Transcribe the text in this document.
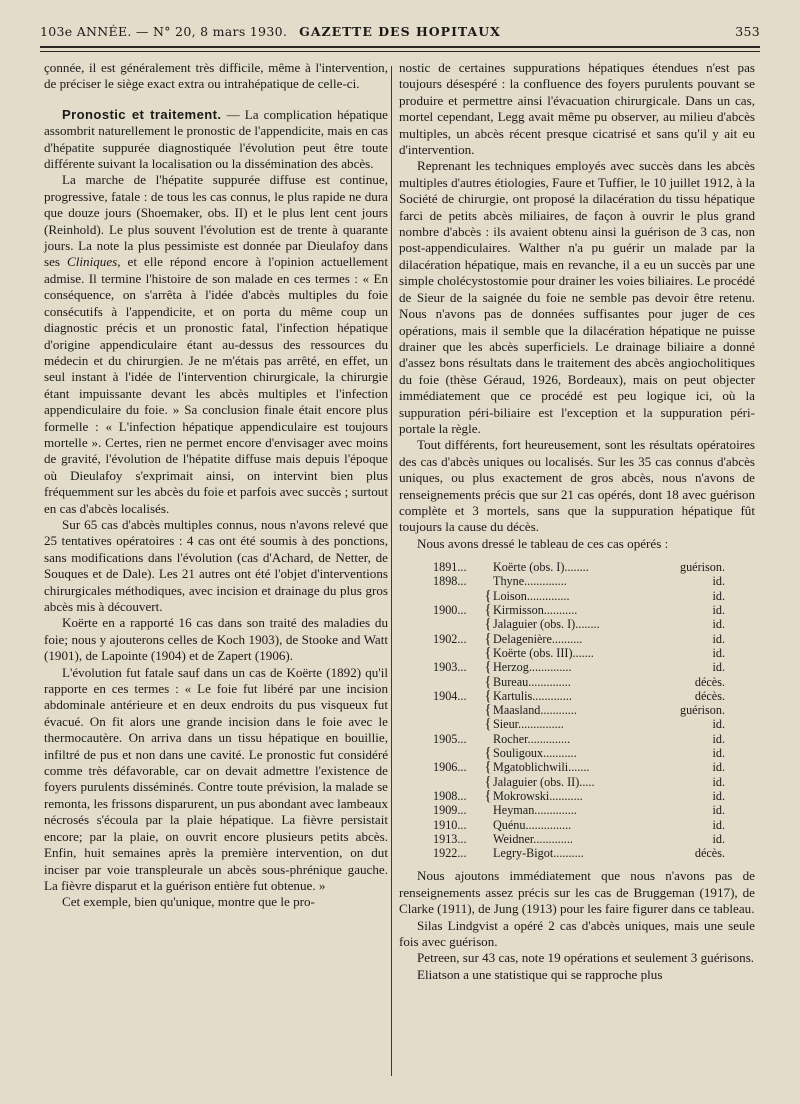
103e ANNÉE. — N° 20, 8 mars 1930. GAZETTE DES HOPITAUX	353

çonnée, il est généralement très difficile, même à l'intervention, de préciser le siège exact extra ou intrahépatique de celle-ci.

Pronostic et traitement. — La complication hépatique assombrit naturellement le pronostic de l'appendicite, mais en cas d'hépatite suppurée diagnostiquée l'évolution peut être toute différente suivant la localisation ou la dissémination des abcès.

La marche de l'hépatite suppurée diffuse est continue, progressive, fatale : de tous les cas connus, le plus rapide ne dura que douze jours (Shoemaker, obs. II) et le plus lent cent jours (Reinhold). Le plus souvent l'évolution est de trente à quarante jours. La note la plus pessimiste est donnée par Dieulafoy dans ses Cliniques, et elle répond encore à l'opinion actuellement admise. Il termine l'histoire de son malade en ces termes : « En conséquence, on s'arrêta à l'idée d'abcès multiples du foie consécutifs à l'appendicite, et on porta du même coup un diagnostic précis et un pronostic fatal, l'infection hépatique d'origine appendiculaire étant au-dessus des ressources du médecin et du chirurgien. Je ne m'étais pas arrêté, en effet, un seul instant à l'idée de l'intervention chirurgicale, la chirurgie étant impuissante devant les abcès multiples et l'infection appendiculaire du foie. » Sa conclusion finale était encore plus formelle : « L'infection hépatique appendiculaire est toujours mortelle ». Certes, rien ne permet encore d'envisager avec moins de gravité, l'évolution de l'hépatite diffuse mais depuis l'époque où Dieulafoy s'exprimait ainsi, on intervint bien plus fréquemment sur les abcès du foie et parfois avec succès ; surtout en cas d'abcès localisés.

Sur 65 cas d'abcès multiples connus, nous n'avons relevé que 25 tentatives opératoires : 4 cas ont été soumis à des ponctions, sans modifications dans l'évolution (cas d'Achard, de Netter, de Souques et de Dale). Les 21 autres ont été l'objet d'interventions chirurgicales méthodiques, avec incision et drainage du plus gros abcès mis à découvert.

Koërte en a rapporté 16 cas dans son traité des maladies du foie; nous y ajouterons celles de Koch 1903), de Stooke and Watt (1901), de Lapointe (1904) et de Zapert (1906).

L'évolution fut fatale sauf dans un cas de Koërte (1892) qu'il rapporte en ces termes : « Le foie fut libéré par une incision abdominale antérieure et en deux endroits du pus visqueux fut évacué. On fit alors une grande incision dans le foie avec le thermocautère. On arriva dans un tissu hépatique en bouillie, infiltré de pus et non dans une cavité. Le pronostic fut considéré comme très défavorable, car on devait admettre l'existence de foyers purulents disséminés. Contre toute prévision, la malade se remonta, les frissons disparurent, un pus abondant avec lambeaux nécrosés s'écoula par la plaie hépatique. La fièvre persistait encore; par la plaie, on ouvrit encore plusieurs petits abcès. Enfin, huit semaines après la première intervention, on dut inciser par voie transpleurale un abcès sous-phrénique gauche. La fièvre disparut et la guérison entière fut obtenue. »

Cet exemple, bien qu'unique, montre que le pro-

nostic de certaines suppurations hépatiques étendues n'est pas toujours désespéré : la confluence des foyers purulents pouvant se produire et permettre ainsi l'évacuation chirurgicale. Dans un cas, mortel cependant, Legg avait même pu observer, au milieu d'abcès multiples, un abcès récent presque cicatrisé et sans qu'il y ait eu d'intervention.

Reprenant les techniques employés avec succès dans les abcès multiples d'autres étiologies, Faure et Tuffier, le 10 juillet 1912, à la Société de chirurgie, ont proposé la dilacération du tissu hépatique farci de petits abcès miliaires, de façon à ouvrir le plus grand nombre d'abcès : ils avaient obtenu ainsi la guérison de 3 cas, non post-appendiculaires. Walther n'a pu guérir un malade par la dilacération hépatique, mais en revanche, il a eu un succès par une simple cholécystostomie pour drainer les voies biliaires. Le procédé de Sieur de la saignée du foie ne semble pas devoir être retenu. Nous n'avons pas de données suffisantes pour juger de ces opérations, mais il semble que la dilacération hépatique ne puisse drainer que les abcès superficiels. Le drainage biliaire a donné d'assez bons résultats dans le traitement des abcès angiocholitiques du foie (thèse Géraud, 1926, Bordeaux), mais on peut objecter immédiatement que ce procédé est peu logique ici, où la suppuration péri-biliaire est l'exception et la suppuration péri-portale la règle.

Tout différents, fort heureusement, sont les résultats opératoires des cas d'abcès uniques ou localisés. Sur les 35 cas connus d'abcès uniques, ou plus exactement de gros abcès, nous n'avons de renseignements précis que sur 21 cas opérés, dont 18 avec guérison complète et 3 mortels, sans que la suppuration hépatique fût toujours la cause du décès.

Nous avons dressé le tableau de ces cas opérés :

1891...		Koërte (obs. I)........	guérison.
1898...		Thyne..............	id.
	{	Loison..............	id.
1900...	{	Kirmisson...........	id.
	{	Jalaguier (obs. I)........	id.
1902...	{	Delagenière..........	id.
	{	Koërte (obs. III).......	id.
1903...	{	Herzog..............	id.
	{	Bureau..............	décès.
1904...	{	Kartulis.............	décès.
	{	Maasland............	guérison.
	{	Sieur...............	id.
1905...		Rocher..............	id.
	{	Souligoux...........	id.
1906...	{	Mgatoblichwili.......	id.
	{	Jalaguier (obs. II).....	id.
1908...	{	Mokrowski...........	id.
1909...		Heyman..............	id.
1910...		Quénu...............	id.
1913...		Weidner.............	id.
1922...		Legry-Bigot..........	décès.

Nous ajoutons immédiatement que nous n'avons pas de renseignements assez précis sur les cas de Bruggeman (1917), de Clarke (1911), de Jung (1913) pour les faire figurer dans ce tableau.

Silas Lindgvist a opéré 2 cas d'abcès uniques, mais une seule fois avec guérison.

Petreen, sur 43 cas, note 19 opérations et seulement 3 guérisons.

Eliatson a une statistique qui se rapproche plus
